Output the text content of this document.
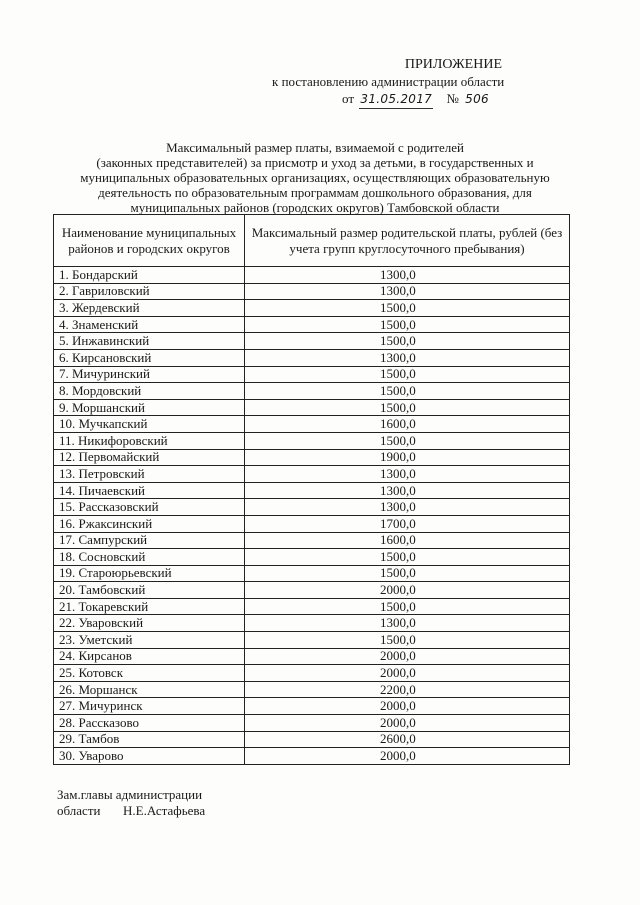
ПРИЛОЖЕНИЕ
к постановлению администрации области
от 31.05.2017 № 506
Максимальный размер платы, взимаемой с родителей
(законных представителей) за присмотр и уход за детьми, в государственных и
муниципальных образовательных организациях, осуществляющих образовательную
деятельность по образовательным программам дошкольного образования, для
муниципальных районов (городских округов) Тамбовской области
Наименование муниципальных районов и городских округов	Максимальный размер родительской платы, рублей (без учета групп круглосуточного пребывания)
1. Бондарский	1300,0
2. Гавриловский	1300,0
3. Жердевский	1500,0
4. Знаменский	1500,0
5. Инжавинский	1500,0
6. Кирсановский	1300,0
7. Мичуринский	1500,0
8. Мордовский	1500,0
9. Моршанский	1500,0
10. Мучкапский	1600,0
11. Никифоровский	1500,0
12. Первомайский	1900,0
13. Петровский	1300,0
14. Пичаевский	1300,0
15. Рассказовский	1300,0
16. Ржаксинский	1700,0
17. Сампурский	1600,0
18. Сосновский	1500,0
19. Староюрьевский	1500,0
20. Тамбовский	2000,0
21. Токаревский	1500,0
22. Уваровский	1300,0
23. Уметский	1500,0
24. Кирсанов	2000,0
25. Котовск	2000,0
26. Моршанск	2200,0
27. Мичуринск	2000,0
28. Рассказово	2000,0
29. Тамбов	2600,0
30. Уварово	2000,0
Зам.главы администрации
области Н.Е.Астафьева
